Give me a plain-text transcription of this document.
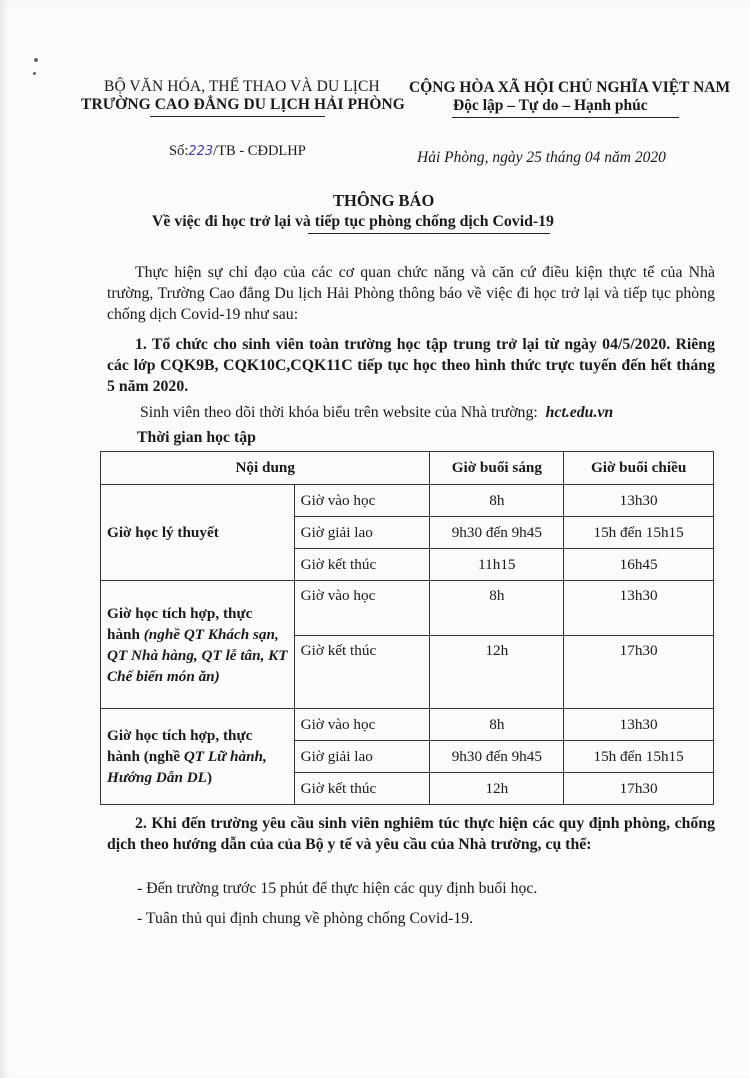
BỘ VĂN HÓA, THỂ THAO VÀ DU LỊCH
TRƯỜNG CAO ĐẲNG DU LỊCH HẢI PHÒNG
CỘNG HÒA XÃ HỘI CHỦ NGHĨA VIỆT NAM
Độc lập – Tự do – Hạnh phúc
Số:223/TB - CĐDLHP	Hải Phòng, ngày 25 tháng 04 năm 2020
THÔNG BÁO
Về việc đi học trở lại và tiếp tục phòng chống dịch Covid-19

Thực hiện sự chỉ đạo của các cơ quan chức năng và căn cứ điều kiện thực tế của Nhà trường, Trường Cao đẳng Du lịch Hải Phòng thông báo về việc đi học trở lại và tiếp tục phòng chống dịch Covid-19 như sau:

1. Tổ chức cho sinh viên toàn trường học tập trung trở lại từ ngày 04/5/2020. Riêng các lớp CQK9B, CQK10C,CQK11C tiếp tục học theo hình thức trực tuyến đến hết tháng 5 năm 2020.

Sinh viên theo dõi thời khóa biểu trên website của Nhà trường: hct.edu.vn
Thời gian học tập
Nội dung		Giờ buổi sáng	Giờ buổi chiều
Giờ học lý thuyết	Giờ vào học	8h	13h30
	Giờ giải lao	9h30 đến 9h45	15h đến 15h15
	Giờ kết thúc	11h15	16h45
Giờ học tích hợp, thực hành (nghề QT Khách sạn, QT Nhà hàng, QT lễ tân, KT Chế biến món ăn)	Giờ vào học	8h	13h30
	Giờ kết thúc	12h	17h30
Giờ học tích hợp, thực hành (nghề QT Lữ hành, Hướng Dẫn DL)	Giờ vào học	8h	13h30
	Giờ giải lao	9h30 đến 9h45	15h đến 15h15
	Giờ kết thúc	12h	17h30

2. Khi đến trường yêu cầu sinh viên nghiêm túc thực hiện các quy định phòng, chống dịch theo hướng dẫn của của Bộ y tế và yêu cầu của Nhà trường, cụ thể:

- Đến trường trước 15 phút để thực hiện các quy định buổi học.
- Tuân thủ qui định chung về phòng chống Covid-19.
